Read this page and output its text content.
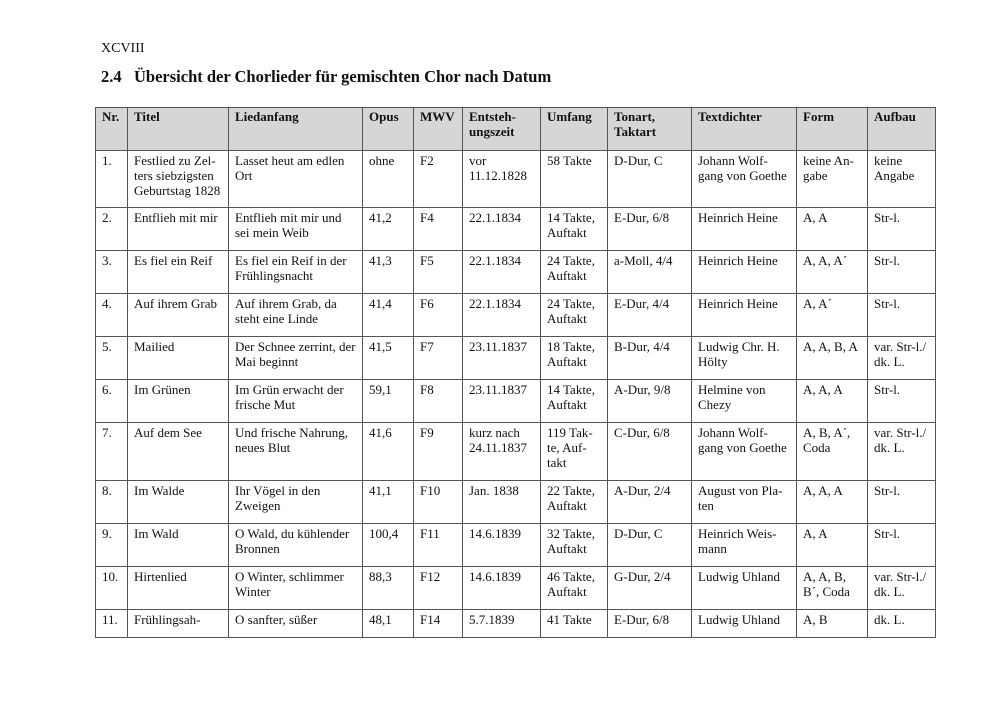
XCVIII
2.4 Übersicht der Chorlieder für gemischten Chor nach Datum
Nr.	Titel	Liedanfang	Opus	MWV	Entsteh-
ungszeit	Umfang	Tonart,
Taktart	Textdichter	Form	Aufbau

1.	Festlied zu Zel-
ters siebzigsten
Geburtstag 1828	Lasset heut am edlen
Ort	ohne	F2	vor
11.12.1828	58 Takte	D-Dur, C	Johann Wolf-
gang von Goethe	keine An-
gabe	keine
Angabe

2.	Entflieh mit mir	Entflieh mit mir und
sei mein Weib	41,2	F4	22.1.1834	14 Takte,
Auftakt	E-Dur, 6/8	Heinrich Heine	A, A	Str-l.

3.	Es fiel ein Reif	Es fiel ein Reif in der
Frühlingsnacht	41,3	F5	22.1.1834	24 Takte,
Auftakt	a-Moll, 4/4	Heinrich Heine	A, A, A´	Str-l.

4.	Auf ihrem Grab	Auf ihrem Grab, da
steht eine Linde	41,4	F6	22.1.1834	24 Takte,
Auftakt	E-Dur, 4/4	Heinrich Heine	A, A´	Str-l.

5.	Mailied	Der Schnee zerrint, der
Mai beginnt	41,5	F7	23.11.1837	18 Takte,
Auftakt	B-Dur, 4/4	Ludwig Chr. H.
Hölty	A, A, B, A	var. Str-l./
dk. L.

6.	Im Grünen	Im Grün erwacht der
frische Mut	59,1	F8	23.11.1837	14 Takte,
Auftakt	A-Dur, 9/8	Helmine von
Chezy	A, A, A	Str-l.

7.	Auf dem See	Und frische Nahrung,
neues Blut	41,6	F9	kurz nach
24.11.1837	119 Tak-
te, Auf-
takt	C-Dur, 6/8	Johann Wolf-
gang von Goethe	A, B, A´,
Coda	var. Str-l./
dk. L.

8.	Im Walde	Ihr Vögel in den
Zweigen	41,1	F10	Jan. 1838	22 Takte,
Auftakt	A-Dur, 2/4	August von Pla-
ten	A, A, A	Str-l.

9.	Im Wald	O Wald, du kühlender
Bronnen	100,4	F11	14.6.1839	32 Takte,
Auftakt	D-Dur, C	Heinrich Weis-
mann	A, A	Str-l.

10.	Hirtenlied	O Winter, schlimmer
Winter	88,3	F12	14.6.1839	46 Takte,
Auftakt	G-Dur, 2/4	Ludwig Uhland	A, A, B,
B´, Coda	var. Str-l./
dk. L.

11.	Frühlingsah-	O sanfter, süßer	48,1	F14	5.7.1839	41 Takte	E-Dur, 6/8	Ludwig Uhland	A, B	dk. L.
